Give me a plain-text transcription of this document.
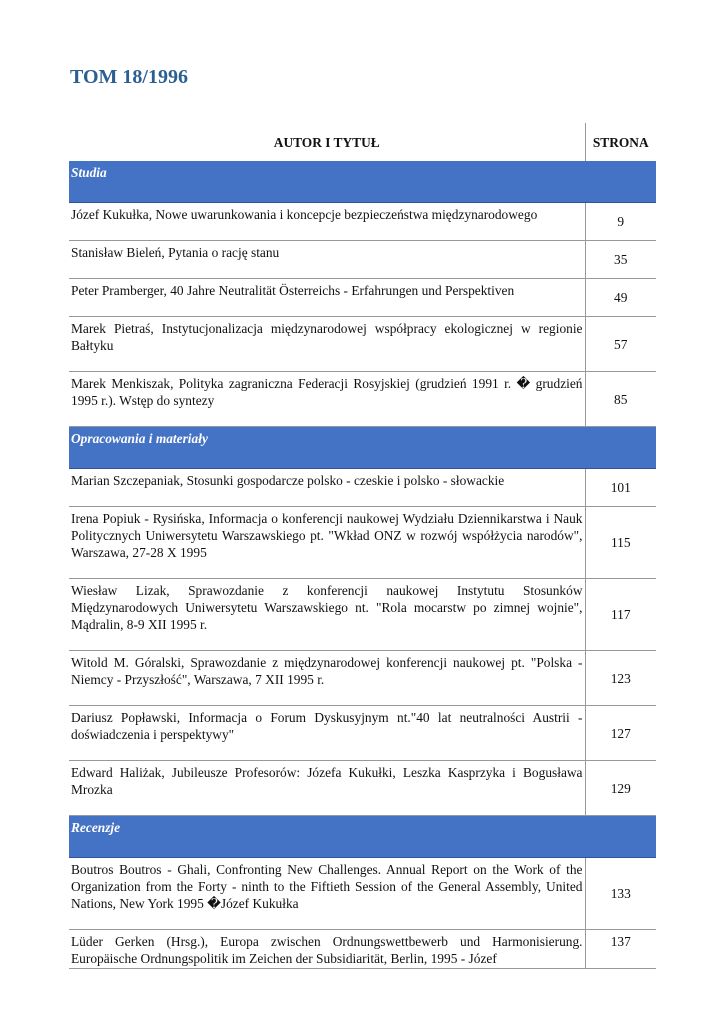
TOM 18/1996
AUTOR I TYTUŁ	STRONA
Studia	
Józef Kukułka, Nowe uwarunkowania i koncepcje bezpieczeństwa międzynarodowego	9
Stanisław Bieleń, Pytania o rację stanu	35
Peter Pramberger, 40 Jahre Neutralität Österreichs - Erfahrungen und Perspektiven	49
Marek Pietraś, Instytucjonalizacja międzynarodowej współpracy ekologicznej w regionie Bałtyku	57
Marek Menkiszak, Polityka zagraniczna Federacji Rosyjskiej (grudzień 1991 r. � grudzień 1995 r.). Wstęp do syntezy	85
Opracowania i materiały	
Marian Szczepaniak, Stosunki gospodarcze polsko - czeskie i polsko - słowackie	101
Irena Popiuk - Rysińska, Informacja o konferencji naukowej Wydziału Dziennikarstwa i Nauk Politycznych Uniwersytetu Warszawskiego pt. "Wkład ONZ w rozwój współżycia narodów", Warszawa, 27-28 X 1995	115
Wiesław Lizak, Sprawozdanie z konferencji naukowej Instytutu Stosunków Międzynarodowych Uniwersytetu Warszawskiego nt. "Rola mocarstw po zimnej wojnie", Mądralin, 8-9 XII 1995 r.	117
Witold M. Góralski, Sprawozdanie z międzynarodowej konferencji naukowej pt. "Polska - Niemcy - Przyszłość", Warszawa, 7 XII 1995 r.	123
Dariusz Popławski, Informacja o Forum Dyskusyjnym nt."40 lat neutralności Austrii - doświadczenia i perspektywy"	127
Edward Haliżak, Jubileusze Profesorów: Józefa Kukułki, Leszka Kasprzyka i Bogusława Mrozka	129
Recenzje	
Boutros Boutros - Ghali, Confronting New Challenges. Annual Report on the Work of the Organization from the Forty - ninth to the Fiftieth Session of the General Assembly, United Nations, New York 1995 �Józef Kukułka	133
Lüder Gerken (Hrsg.), Europa zwischen Ordnungswettbewerb und Harmonisierung. Europäische Ordnungspolitik im Zeichen der Subsidiarität, Berlin, 1995 - Józef	137
